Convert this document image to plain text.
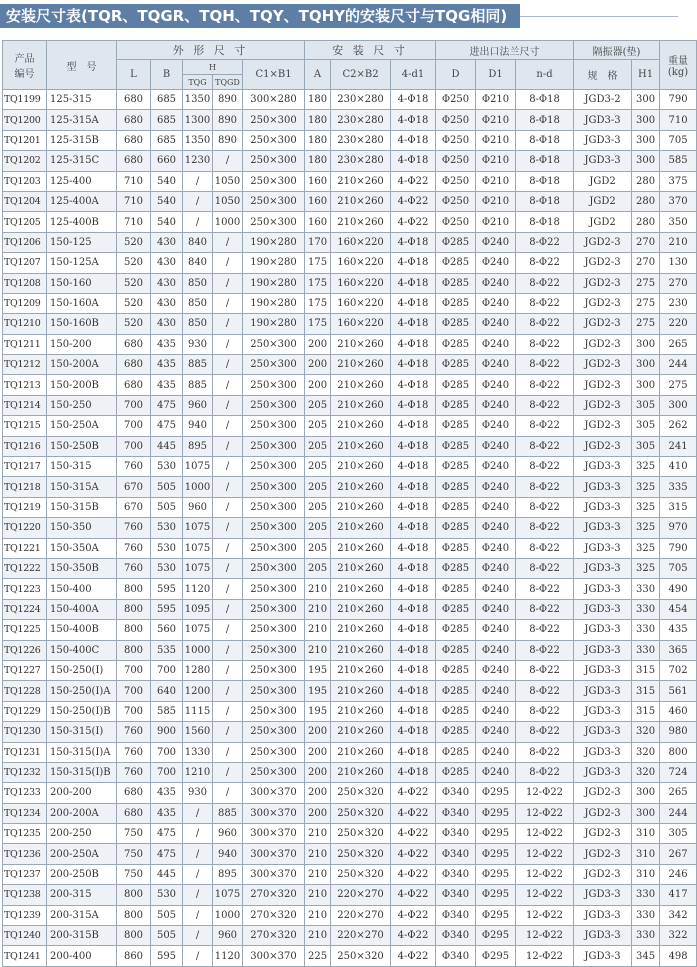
安装尺寸表(TQR、TQGR、TQH、TQY、TQHY的安装尺寸与TQG相同)
产品
编号	型　号	外 形 尺 寸					安 装 尺 寸			进出口法兰尺寸			隔振器(垫)		重量
(kg)
		L	B	H		C1×B1	A	C2×B2	4-d1	D	D1	n-d	规　格	H1	
				TQG	TQGD										
TQ1199	125-315	680	685	1350	890	300×280	180	230×280	4-Φ18	Φ250	Φ210	8-Φ18	JGD3-2	300	790
TQ1200	125-315A	680	685	1300	890	250×300	180	230×280	4-Φ18	Φ250	Φ210	8-Φ18	JGD3-3	300	710
TQ1201	125-315B	680	685	1350	890	250×300	180	230×280	4-Φ18	Φ250	Φ210	8-Φ18	JGD3-3	300	705
TQ1202	125-315C	680	660	1230	/	250×300	180	230×280	4-Φ18	Φ250	Φ210	8-Φ18	JGD3-3	300	585
TQ1203	125-400	710	540	/	1050	250×300	160	210×260	4-Φ22	Φ250	Φ210	8-Φ18	JGD2	280	375
TQ1204	125-400A	710	540	/	1050	250×300	160	210×260	4-Φ22	Φ250	Φ210	8-Φ18	JGD2	280	370
TQ1205	125-400B	710	540	/	1000	250×300	160	210×260	4-Φ22	Φ250	Φ210	8-Φ18	JGD2	280	350
TQ1206	150-125	520	430	840	/	190×280	170	160×220	4-Φ18	Φ285	Φ240	8-Φ22	JGD2-3	270	210
TQ1207	150-125A	520	430	840	/	190×280	175	160×220	4-Φ18	Φ285	Φ240	8-Φ22	JGD2-3	270	130
TQ1208	150-160	520	430	850	/	190×280	175	160×220	4-Φ18	Φ285	Φ240	8-Φ22	JGD2-3	275	270
TQ1209	150-160A	520	430	850	/	190×280	175	160×220	4-Φ18	Φ285	Φ240	8-Φ22	JGD2-3	275	230
TQ1210	150-160B	520	430	850	/	190×280	175	160×220	4-Φ18	Φ285	Φ240	8-Φ22	JGD2-3	275	220
TQ1211	150-200	680	435	930	/	250×300	200	210×260	4-Φ18	Φ285	Φ240	8-Φ22	JGD2-3	300	265
TQ1212	150-200A	680	435	885	/	250×300	200	210×260	4-Φ18	Φ285	Φ240	8-Φ22	JGD2-3	300	244
TQ1213	150-200B	680	435	885	/	250×300	200	210×260	4-Φ18	Φ285	Φ240	8-Φ22	JGD2-3	300	275
TQ1214	150-250	700	475	960	/	250×300	205	210×260	4-Φ18	Φ285	Φ240	8-Φ22	JGD2-3	305	300
TQ1215	150-250A	700	475	940	/	250×300	205	210×260	4-Φ18	Φ285	Φ240	8-Φ22	JGD2-3	305	262
TQ1216	150-250B	700	445	895	/	250×300	205	210×260	4-Φ18	Φ285	Φ240	8-Φ22	JGD2-3	305	241
TQ1217	150-315	760	530	1075	/	250×300	205	210×260	4-Φ18	Φ285	Φ240	8-Φ22	JGD3-3	325	410
TQ1218	150-315A	670	505	1000	/	250×300	205	210×260	4-Φ18	Φ285	Φ240	8-Φ22	JGD3-3	325	335
TQ1219	150-315B	670	505	960	/	250×300	205	210×260	4-Φ18	Φ285	Φ240	8-Φ22	JGD3-3	325	315
TQ1220	150-350	760	530	1075	/	250×300	205	210×260	4-Φ18	Φ285	Φ240	8-Φ22	JGD3-3	325	970
TQ1221	150-350A	760	530	1075	/	250×300	205	210×260	4-Φ18	Φ285	Φ240	8-Φ22	JGD3-3	325	790
TQ1222	150-350B	760	530	1075	/	250×300	205	210×260	4-Φ18	Φ285	Φ240	8-Φ22	JGD3-3	325	705
TQ1223	150-400	800	595	1120	/	250×300	210	210×260	4-Φ18	Φ285	Φ240	8-Φ22	JGD3-3	330	490
TQ1224	150-400A	800	595	1095	/	250×300	210	210×260	4-Φ18	Φ285	Φ240	8-Φ22	JGD3-3	330	454
TQ1225	150-400B	800	560	1075	/	250×300	210	210×260	4-Φ18	Φ285	Φ240	8-Φ22	JGD3-3	330	435
TQ1226	150-400C	800	535	1000	/	250×300	210	210×260	4-Φ18	Φ285	Φ240	8-Φ22	JGD3-3	330	365
TQ1227	150-250(Ⅰ)	700	700	1280	/	250×300	195	210×260	4-Φ18	Φ285	Φ240	8-Φ22	JGD3-3	315	702
TQ1228	150-250(Ⅰ)A	700	640	1200	/	250×300	195	210×260	4-Φ18	Φ285	Φ240	8-Φ22	JGD3-3	315	561
TQ1229	150-250(Ⅰ)B	700	585	1115	/	250×300	195	210×260	4-Φ18	Φ285	Φ240	8-Φ22	JGD3-3	315	460
TQ1230	150-315(Ⅰ)	760	900	1560	/	250×300	200	210×260	4-Φ18	Φ285	Φ240	8-Φ22	JGD3-3	320	980
TQ1231	150-315(Ⅰ)A	760	700	1330	/	250×300	200	210×260	4-Φ18	Φ285	Φ240	8-Φ22	JGD3-3	320	800
TQ1232	150-315(Ⅰ)B	760	700	1210	/	250×300	200	210×260	4-Φ18	Φ285	Φ240	8-Φ22	JGD3-3	320	724
TQ1233	200-200	680	435	930	/	300×370	200	250×320	4-Φ22	Φ340	Φ295	12-Φ22	JGD2-3	300	265
TQ1234	200-200A	680	435	/	885	300×370	200	250×320	4-Φ22	Φ340	Φ295	12-Φ22	JGD2-3	300	244
TQ1235	200-250	750	475	/	960	300×370	210	250×320	4-Φ22	Φ340	Φ295	12-Φ22	JGD2-3	310	305
TQ1236	200-250A	750	475	/	940	300×370	210	250×320	4-Φ22	Φ340	Φ295	12-Φ22	JGD2-3	310	267
TQ1237	200-250B	750	445	/	895	300×370	210	250×320	4-Φ22	Φ340	Φ295	12-Φ22	JGD2-3	310	246
TQ1238	200-315	800	530	/	1075	270×320	210	220×270	4-Φ22	Φ340	Φ295	12-Φ22	JGD3-3	330	417
TQ1239	200-315A	800	505	/	1000	270×320	210	220×270	4-Φ22	Φ340	Φ295	12-Φ22	JGD3-3	330	342
TQ1240	200-315B	800	505	/	960	270×320	210	220×270	4-Φ22	Φ340	Φ295	12-Φ22	JGD3-3	330	322
TQ1241	200-400	860	595	/	1120	300×370	225	250×320	4-Φ22	Φ340	Φ295	12-Φ22	JGD3-3	345	498
